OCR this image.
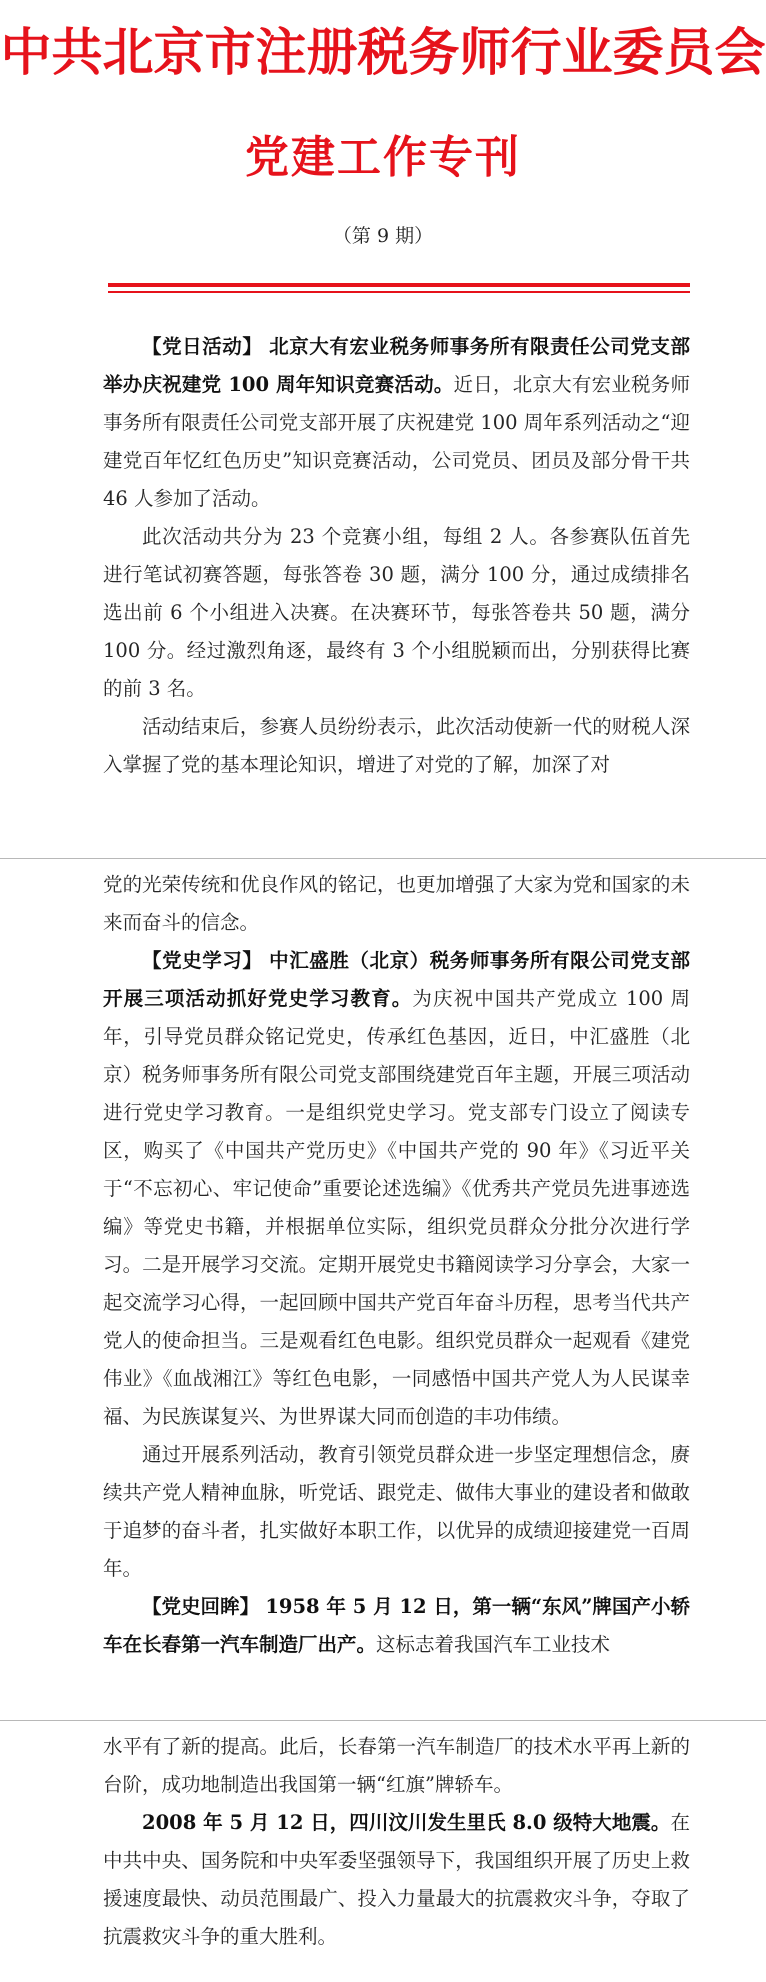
中共北京市注册税务师行业委员会
党建工作专刊
（第 9 期）

【党日活动】 北京大有宏业税务师事务所有限责任公司党支部举办庆祝建党 100 周年知识竞赛活动。近日，北京大有宏业税务师事务所有限责任公司党支部开展了庆祝建党 100 周年系列活动之“迎建党百年忆红色历史”知识竞赛活动，公司党员、团员及部分骨干共 46 人参加了活动。

此次活动共分为 23 个竞赛小组，每组 2 人。各参赛队伍首先进行笔试初赛答题，每张答卷 30 题，满分 100 分，通过成绩排名选出前 6 个小组进入决赛。在决赛环节，每张答卷共 50 题，满分 100 分。经过激烈角逐，最终有 3 个小组脱颖而出，分别获得比赛的前 3 名。

活动结束后，参赛人员纷纷表示，此次活动使新一代的财税人深入掌握了党的基本理论知识，增进了对党的了解，加深了对

党的光荣传统和优良作风的铭记，也更加增强了大家为党和国家的未来而奋斗的信念。

【党史学习】 中汇盛胜（北京）税务师事务所有限公司党支部开展三项活动抓好党史学习教育。为庆祝中国共产党成立 100 周年，引导党员群众铭记党史，传承红色基因，近日，中汇盛胜（北京）税务师事务所有限公司党支部围绕建党百年主题，开展三项活动进行党史学习教育。一是组织党史学习。党支部专门设立了阅读专区，购买了《中国共产党历史》《中国共产党的 90 年》《习近平关于“不忘初心、牢记使命”重要论述选编》《优秀共产党员先进事迹选编》等党史书籍，并根据单位实际，组织党员群众分批分次进行学习。二是开展学习交流。定期开展党史书籍阅读学习分享会，大家一起交流学习心得，一起回顾中国共产党百年奋斗历程，思考当代共产党人的使命担当。三是观看红色电影。组织党员群众一起观看《建党伟业》《血战湘江》等红色电影，一同感悟中国共产党人为人民谋幸福、为民族谋复兴、为世界谋大同而创造的丰功伟绩。

通过开展系列活动，教育引领党员群众进一步坚定理想信念，赓续共产党人精神血脉，听党话、跟党走、做伟大事业的建设者和做敢于追梦的奋斗者，扎实做好本职工作，以优异的成绩迎接建党一百周年。

【党史回眸】 1958 年 5 月 12 日，第一辆“东风”牌国产小轿车在长春第一汽车制造厂出产。这标志着我国汽车工业技术

水平有了新的提高。此后，长春第一汽车制造厂的技术水平再上新的台阶，成功地制造出我国第一辆“红旗”牌轿车。

2008 年 5 月 12 日，四川汶川发生里氏 8.0 级特大地震。在中共中央、国务院和中央军委坚强领导下，我国组织开展了历史上救援速度最快、动员范围最广、投入力量最大的抗震救灾斗争，夺取了抗震救灾斗争的重大胜利。
